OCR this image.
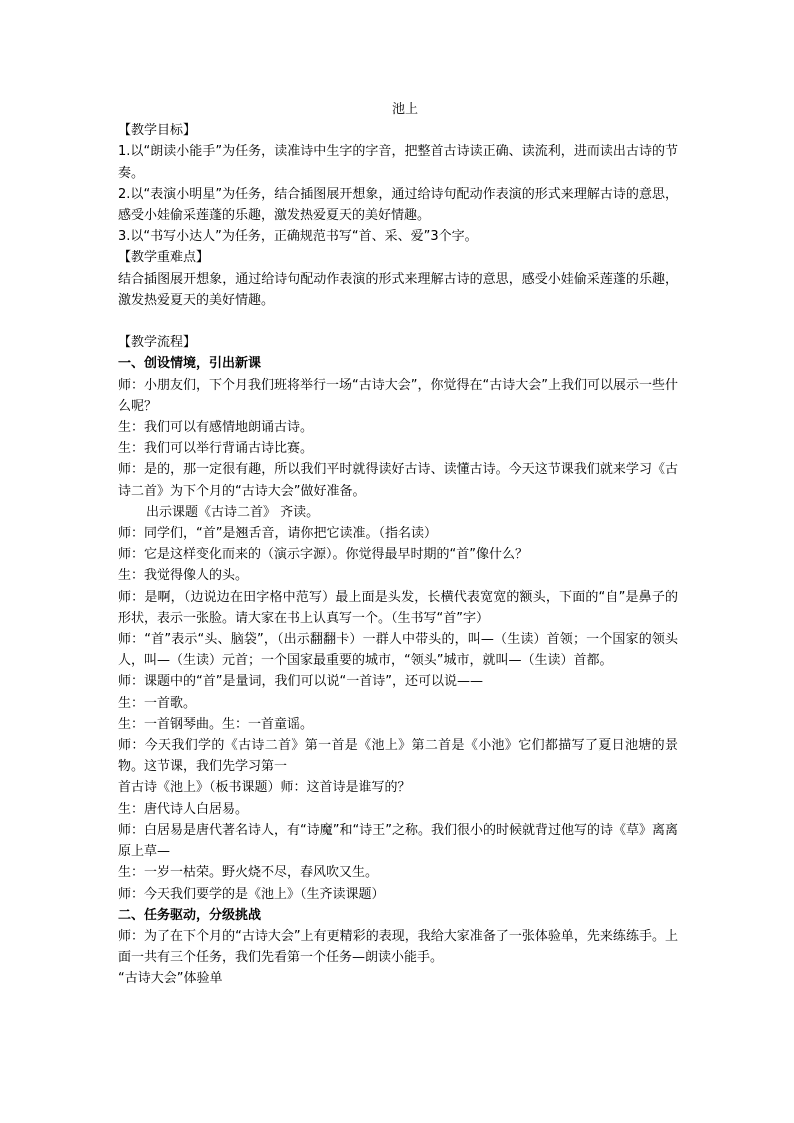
池上

【教学目标】

1.以“朗读小能手”为任务，读准诗中生字的字音，把整首古诗读正确、读流利，进而读出古诗的节奏。

2.以“表演小明星”为任务，结合插图展开想象，通过给诗句配动作表演的形式来理解古诗的意思，感受小娃偷采莲蓬的乐趣，激发热爱夏天的美好情趣。

3.以“书写小达人”为任务，正确规范书写“首、采、爱”3个字。

【教学重难点】

结合插图展开想象，通过给诗句配动作表演的形式来理解古诗的意思，感受小娃偷采莲蓬的乐趣，激发热爱夏天的美好情趣。

【教学流程】

一、创设情境，引出新课

师：小朋友们，下个月我们班将举行一场“古诗大会”，你觉得在“古诗大会”上我们可以展示一些什么呢？

生：我们可以有感情地朗诵古诗。

生：我们可以举行背诵古诗比赛。

师：是的，那一定很有趣，所以我们平时就得读好古诗、读懂古诗。今天这节课我们就来学习《古诗二首》为下个月的“古诗大会”做好准备。

出示课题《古诗二首》 齐读。

师：同学们，“首”是翘舌音，请你把它读准。（指名读）

师：它是这样变化而来的（演示字源）。你觉得最早时期的“首”像什么？

生：我觉得像人的头。

师：是啊，（边说边在田字格中范写）最上面是头发，长横代表宽宽的额头，下面的“自”是鼻子的形状，表示一张脸。请大家在书上认真写一个。（生书写“首”字）

师：“首”表示“头、脑袋”，（出示翻翻卡）一群人中带头的，叫—（生读）首领；一个国家的领头人，叫—（生读）元首；一个国家最重要的城市，“领头”城市，就叫—（生读）首都。

师：课题中的“首”是量词，我们可以说“一首诗”，还可以说——

生：一首歌。

生：一首钢琴曲。生：一首童谣。

师：今天我们学的《古诗二首》第一首是《池上》第二首是《小池》它们都描写了夏日池塘的景物。这节课，我们先学习第一

首古诗《池上》（板书课题）师：这首诗是谁写的？

生：唐代诗人白居易。

师：白居易是唐代著名诗人，有“诗魔”和“诗王”之称。我们很小的时候就背过他写的诗《草》离离原上草—

生：一岁一枯荣。野火烧不尽，春风吹又生。

师：今天我们要学的是《池上》（生齐读课题）

二、任务驱动，分级挑战

师：为了在下个月的“古诗大会”上有更精彩的表现，我给大家准备了一张体验单，先来练练手。上面一共有三个任务，我们先看第一个任务—朗读小能手。

“古诗大会”体验单
